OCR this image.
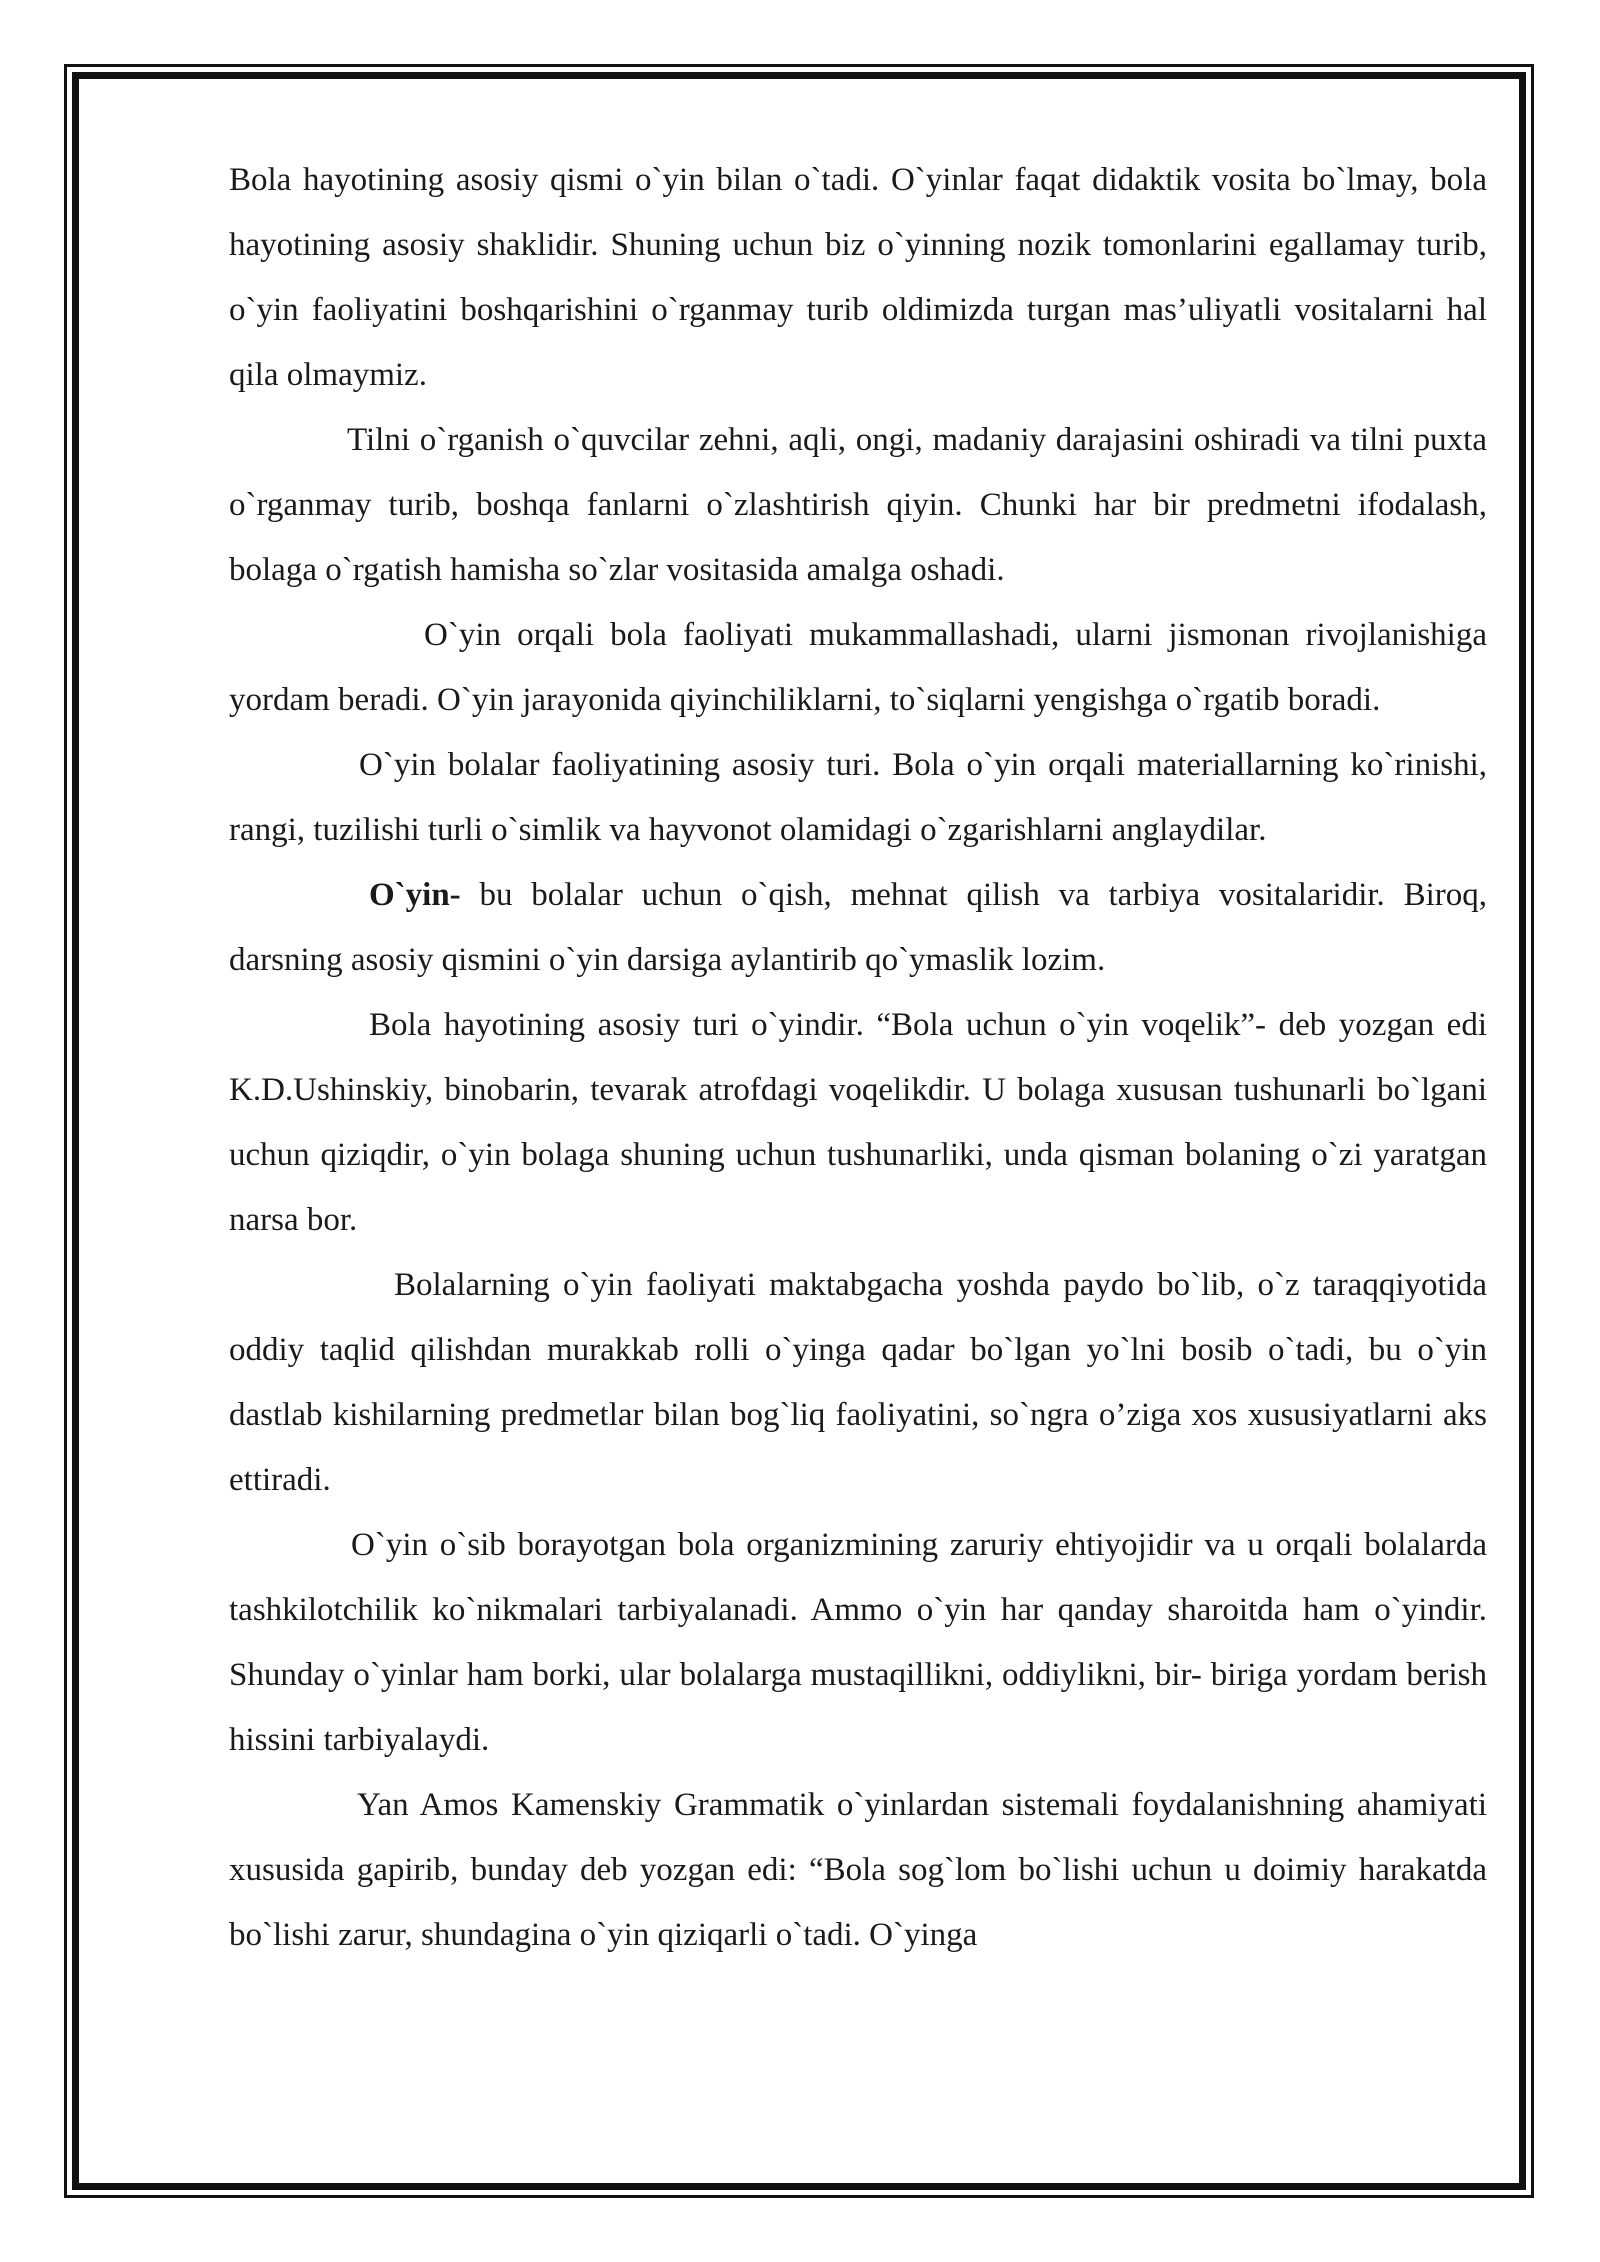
Bola hayotining asosiy qismi o`yin bilan o`tadi. O`yinlar faqat didaktik vosita bo`lmay, bola hayotining asosiy shaklidir. Shuning uchun biz o`yinning nozik tomonlarini egallamay turib, o`yin faoliyatini boshqarishini o`rganmay turib oldimizda turgan mas’uliyatli vositalarni hal qila olmaymiz.

Tilni o`rganish o`quvcilar zehni, aqli, ongi, madaniy darajasini oshiradi va tilni puxta o`rganmay turib, boshqa fanlarni o`zlashtirish qiyin. Chunki har bir predmetni ifodalash, bolaga o`rgatish hamisha so`zlar vositasida amalga oshadi.

O`yin orqali bola faoliyati mukammallashadi, ularni jismonan rivojlanishiga yordam beradi. O`yin jarayonida qiyinchiliklarni, to`siqlarni yengishga o`rgatib boradi.

O`yin bolalar faoliyatining asosiy turi. Bola o`yin orqali materiallarning ko`rinishi, rangi, tuzilishi turli o`simlik va hayvonot olamidagi o`zgarishlarni anglaydilar.

O`yin- bu bolalar uchun o`qish, mehnat qilish va tarbiya vositalaridir. Biroq, darsning asosiy qismini o`yin darsiga aylantirib qo`ymaslik lozim.

Bola hayotining asosiy turi o`yindir. “Bola uchun o`yin voqelik”- deb yozgan edi K.D.Ushinskiy, binobarin, tevarak atrofdagi voqelikdir. U bolaga xususan tushunarli bo`lgani uchun qiziqdir, o`yin bolaga shuning uchun tushunarliki, unda qisman bolaning o`zi yaratgan narsa bor.

Bolalarning o`yin faoliyati maktabgacha yoshda paydo bo`lib, o`z taraqqiyotida oddiy taqlid qilishdan murakkab rolli o`yinga qadar bo`lgan yo`lni bosib o`tadi, bu o`yin dastlab kishilarning predmetlar bilan bog`liq faoliyatini, so`ngra o’ziga xos xususiyatlarni aks ettiradi.

O`yin o`sib borayotgan bola organizmining zaruriy ehtiyojidir va u orqali bolalarda tashkilotchilik ko`nikmalari tarbiyalanadi. Ammo o`yin har qanday sharoitda ham o`yindir. Shunday o`yinlar ham borki, ular bolalarga mustaqillikni, oddiylikni, bir- biriga yordam berish hissini tarbiyalaydi.

Yan Amos Kamenskiy Grammatik o`yinlardan sistemali foydalanishning ahamiyati xususida gapirib, bunday deb yozgan edi: “Bola sog`lom bo`lishi uchun u doimiy harakatda bo`lishi zarur, shundagina o`yin qiziqarli o`tadi. O`yinga
